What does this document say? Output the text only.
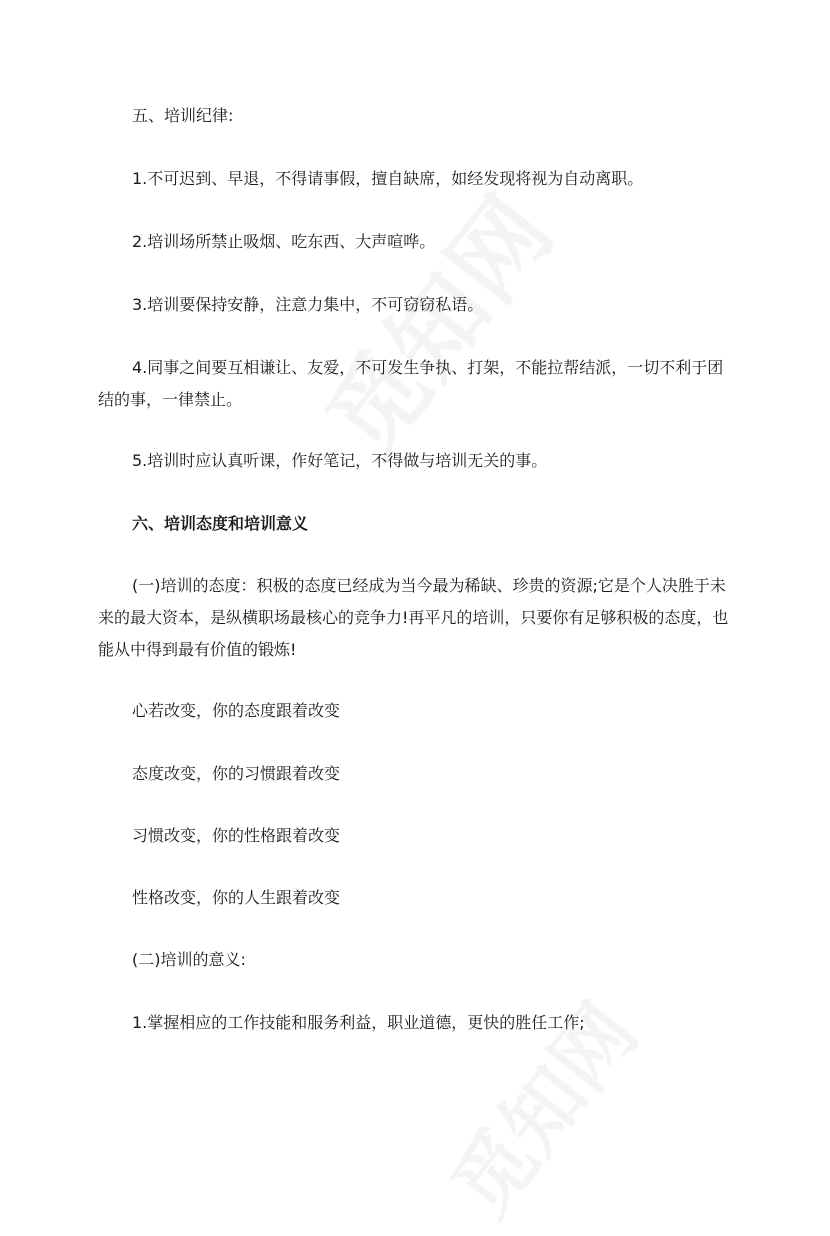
五、培训纪律:

1.不可迟到、早退，不得请事假，擅自缺席，如经发现将视为自动离职。

2.培训场所禁止吸烟、吃东西、大声喧哗。

3.培训要保持安静，注意力集中，不可窃窃私语。

4.同事之间要互相谦让、友爱，不可发生争执、打架，不能拉帮结派，一切不利于团结的事，一律禁止。

5.培训时应认真听课，作好笔记，不得做与培训无关的事。

六、培训态度和培训意义

(一)培训的态度：积极的态度已经成为当今最为稀缺、珍贵的资源;它是个人决胜于未来的最大资本，是纵横职场最核心的竞争力!再平凡的培训，只要你有足够积极的态度，也能从中得到最有价值的锻炼!

心若改变，你的态度跟着改变

态度改变，你的习惯跟着改变

习惯改变，你的性格跟着改变

性格改变，你的人生跟着改变

(二)培训的意义:

1.掌握相应的工作技能和服务利益，职业道德，更快的胜任工作;
